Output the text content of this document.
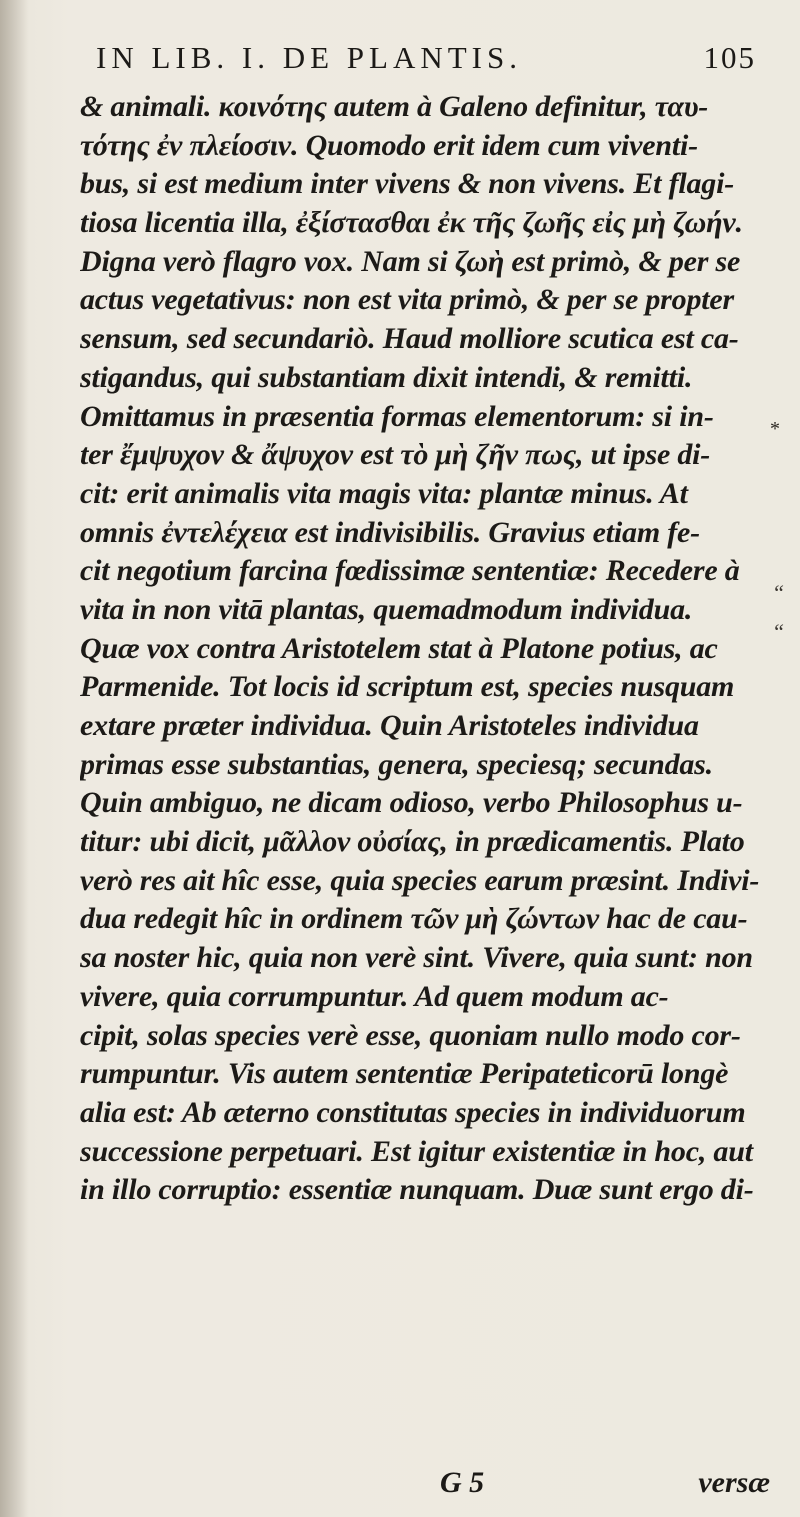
IN LIB. I. DE PLANTIS.	105
& animali. κοινότης autem à Galeno definitur, ταυ-
τότης ἐν πλείοσιν. Quomodo erit idem cum viventi-
bus, si est medium inter vivens & non vivens. Et flagi-
tiosa licentia illa, ἐξίστασθαι ἐκ τῆς ζωῆς εἰς μὴ ζωήν.
Digna verò flagro vox. Nam si ζωὴ est primò, & per se
actus vegetativus: non est vita primò, & per se propter
sensum, sed secundariò. Haud molliore scutica est ca-
stigandus, qui substantiam dixit intendi, & remitti.
Omittamus in præsentia formas elementorum: si in-
ter ἔμψυχον & ἄψυχον est τὸ μὴ ζῆν πως, ut ipse di-
cit: erit animalis vita magis vita: plantæ minus. At
omnis ἐντελέχεια est indivisibilis. Gravius etiam fe-
cit negotium farcina fœdissimæ sententiæ: Recedere à
vita in non vitā plantas, quemadmodum individua.
Quæ vox contra Aristotelem stat à Platone potius, ac
Parmenide. Tot locis id scriptum est, species nusquam
extare præter individua. Quin Aristoteles individua
primas esse substantias, genera, speciesq; secundas.
Quin ambiguo, ne dicam odioso, verbo Philosophus u-
titur: ubi dicit, μᾶλλον οὐσίας, in prædicamentis. Plato
verò res ait hîc esse, quia species earum præsint. Indivi-
dua redegit hîc in ordinem τῶν μὴ ζώντων hac de cau-
sa noster hic, quia non verè sint. Vivere, quia sunt: non
vivere, quia corrumpuntur. Ad quem modum ac-
cipit, solas species verè esse, quoniam nullo modo cor-
rumpuntur. Vis autem sententiæ Peripateticorū longè
alia est: Ab æterno constitutas species in individuorum
successione perpetuari. Est igitur existentiæ in hoc, aut
in illo corruptio: essentiæ nunquam. Duæ sunt ergo di-
*
“
“
G 5	versæ
